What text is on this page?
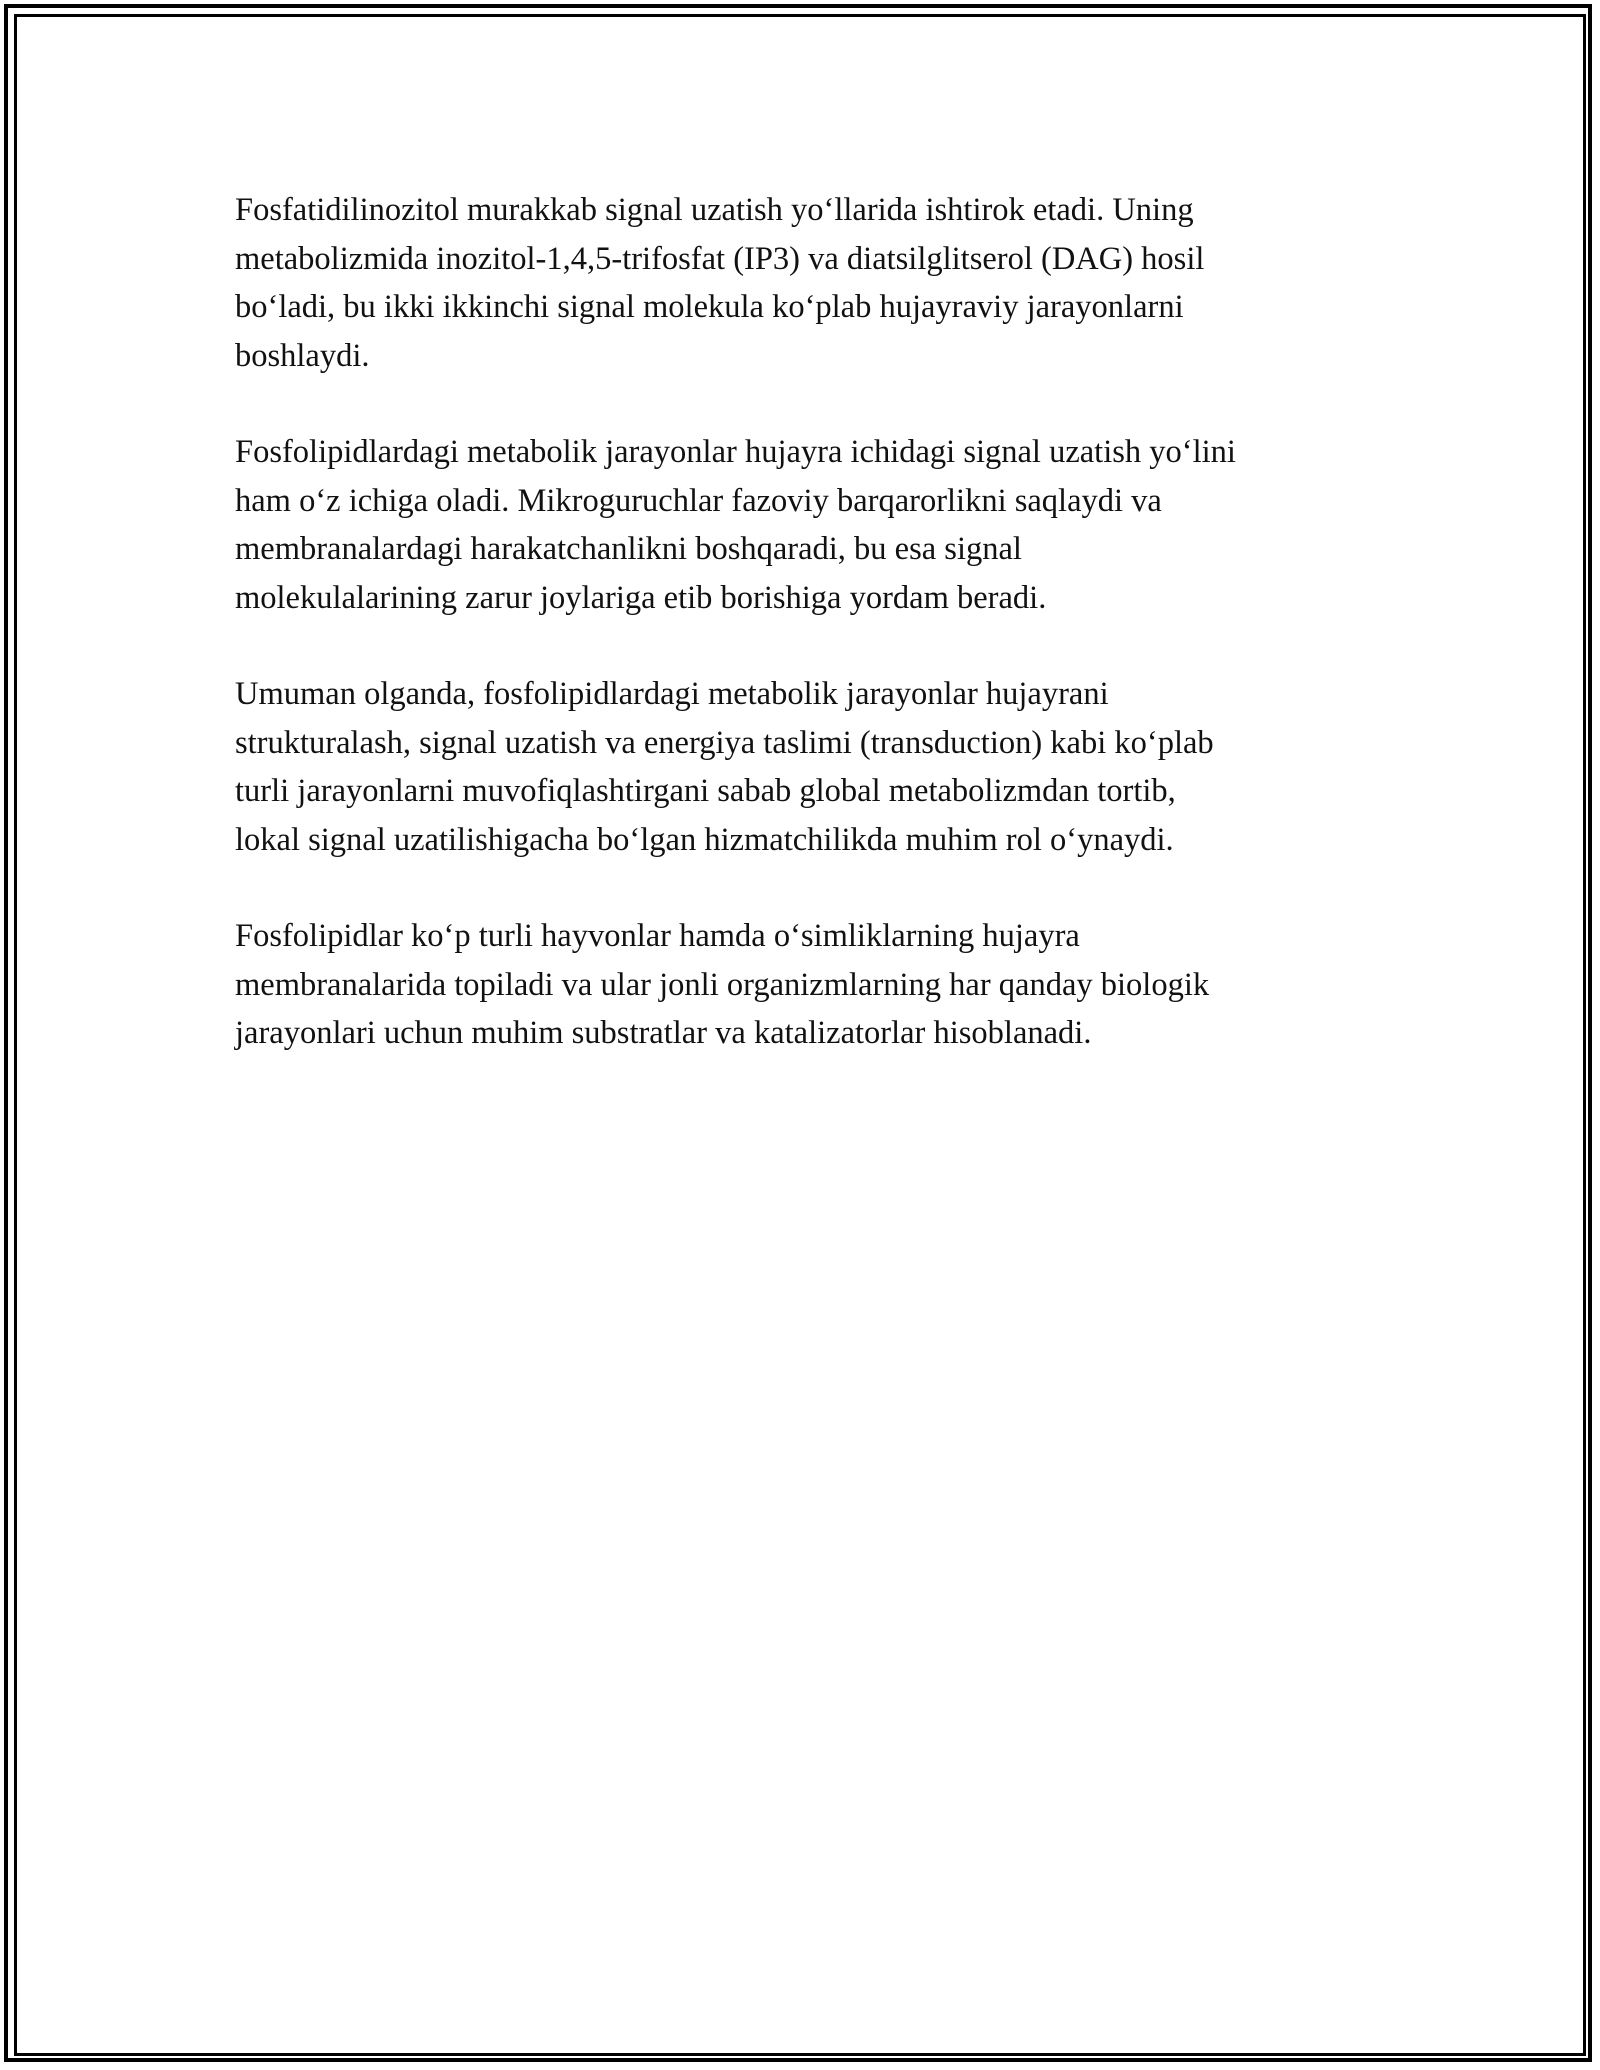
Fosfatidilinozitol murakkab signal uzatish yo‘llarida ishtirok etadi. Uning
metabolizmida inozitol-1,4,5-trifosfat (IP3) va diatsilglitserol (DAG) hosil
bo‘ladi, bu ikki ikkinchi signal molekula ko‘plab hujayraviy jarayonlarni
boshlaydi.

Fosfolipidlardagi metabolik jarayonlar hujayra ichidagi signal uzatish yo‘lini
ham o‘z ichiga oladi. Mikroguruchlar fazoviy barqarorlikni saqlaydi va
membranalardagi harakatchanlikni boshqaradi, bu esa signal
molekulalarining zarur joylariga etib borishiga yordam beradi.

Umuman olganda, fosfolipidlardagi metabolik jarayonlar hujayrani
strukturalash, signal uzatish va energiya taslimi (transduction) kabi ko‘plab
turli jarayonlarni muvofiqlashtirgani sabab global metabolizmdan tortib,
lokal signal uzatilishigacha bo‘lgan hizmatchilikda muhim rol o‘ynaydi.

Fosfolipidlar ko‘p turli hayvonlar hamda o‘simliklarning hujayra
membranalarida topiladi va ular jonli organizmlarning har qanday biologik
jarayonlari uchun muhim substratlar va katalizatorlar hisoblanadi.
